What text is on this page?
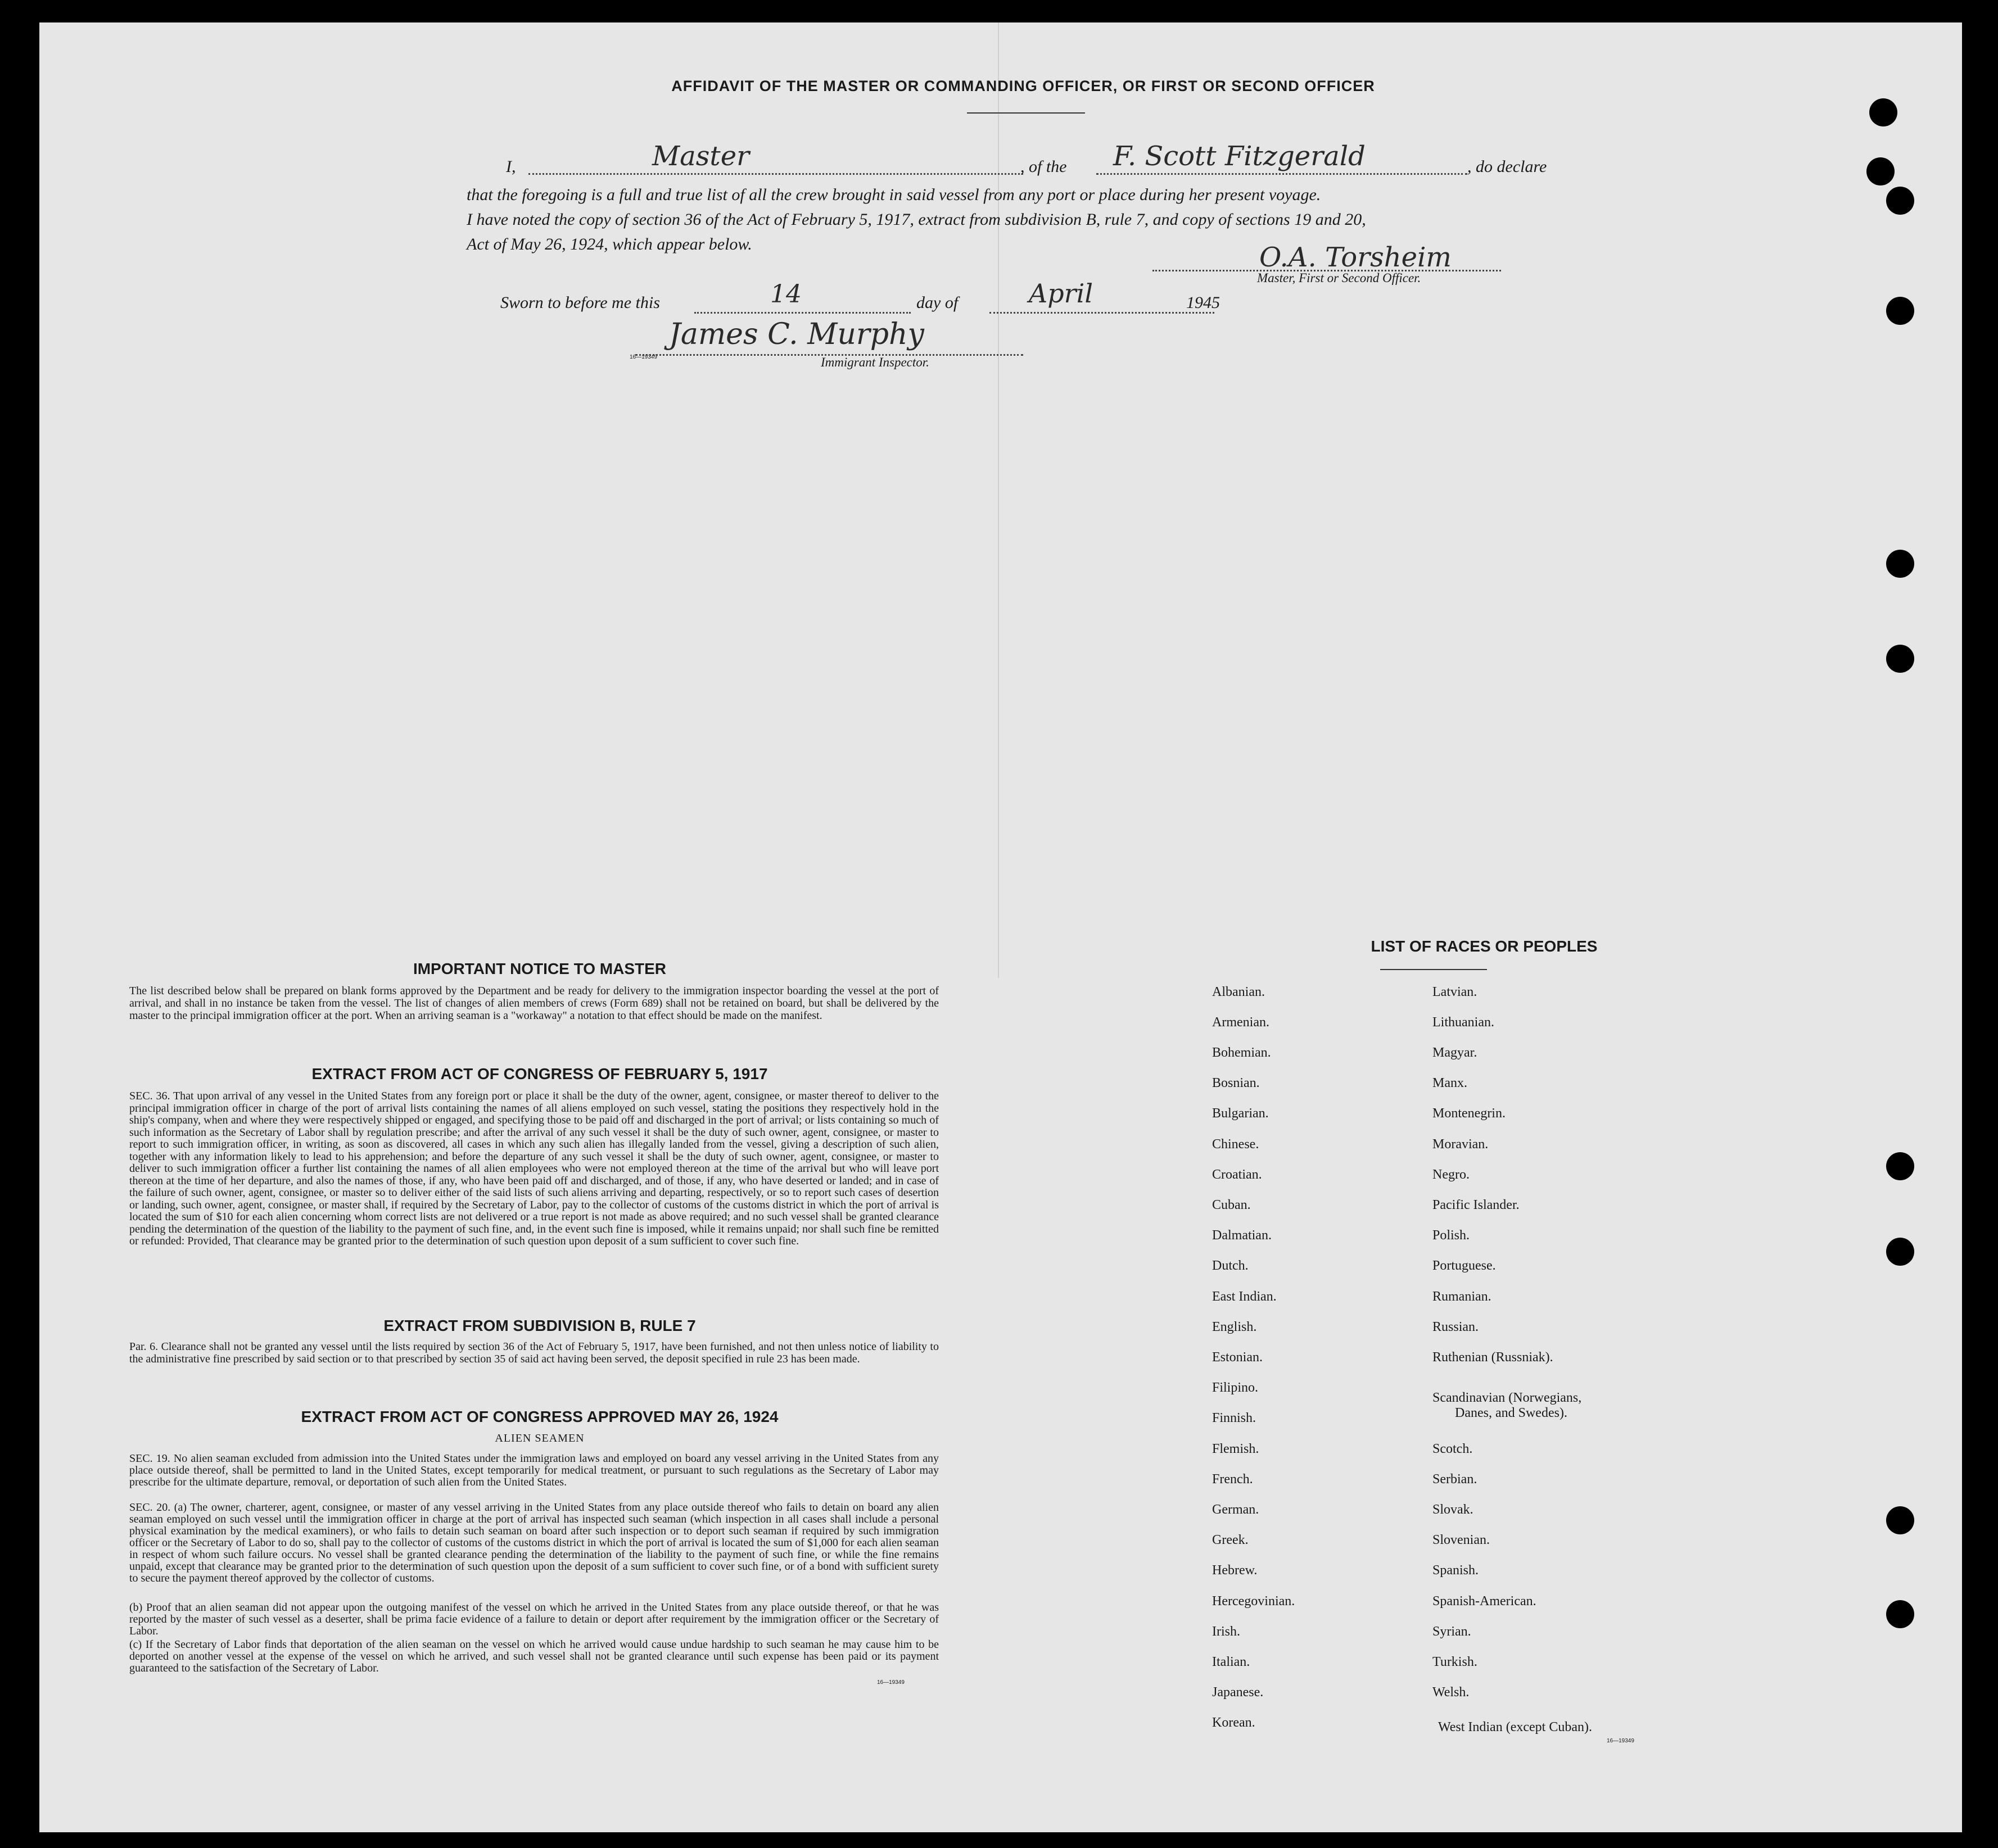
AFFIDAVIT OF THE MASTER OR COMMANDING OFFICER, OR FIRST OR SECOND OFFICER
I,	Master	, of the F. Scott Fitzgerald	, do declare
that the foregoing is a full and true list of all the crew brought in said vessel from any port or place during her present voyage.
I have noted the copy of section 36 of the Act of February 5, 1917, extract from subdivision B, rule 7, and copy of sections 19 and 20,
Act of May 26, 1924, which appear below.	O.A. Torsheim
Master, First or Second Officer.
Sworn to before me this	14	day of	April	1945
James C. Murphy
16—19349	Immigrant Inspector.
IMPORTANT NOTICE TO MASTER

The list described below shall be prepared on blank forms approved by the Department and be ready for delivery to the immigration inspector boarding the vessel at the port of arrival, and shall in no instance be taken from the vessel. The list of changes of alien members of crews (Form 689) shall not be retained on board, but shall be delivered by the master to the principal immigration officer at the port. When an arriving seaman is a "workaway" a notation to that effect should be made on the manifest.

EXTRACT FROM ACT OF CONGRESS OF FEBRUARY 5, 1917

SEC. 36. That upon arrival of any vessel in the United States from any foreign port or place it shall be the duty of the owner, agent, consignee, or master thereof to deliver to the principal immigration officer in charge of the port of arrival lists containing the names of all aliens employed on such vessel, stating the positions they respectively hold in the ship's company, when and where they were respectively shipped or engaged, and specifying those to be paid off and discharged in the port of arrival; or lists containing so much of such information as the Secretary of Labor shall by regulation prescribe; and after the arrival of any such vessel it shall be the duty of such owner, agent, consignee, or master to report to such immigration officer, in writing, as soon as discovered, all cases in which any such alien has illegally landed from the vessel, giving a description of such alien, together with any information likely to lead to his apprehension; and before the departure of any such vessel it shall be the duty of such owner, agent, consignee, or master to deliver to such immigration officer a further list containing the names of all alien employees who were not employed thereon at the time of the arrival but who will leave port thereon at the time of her departure, and also the names of those, if any, who have been paid off and discharged, and of those, if any, who have deserted or landed; and in case of the failure of such owner, agent, consignee, or master so to deliver either of the said lists of such aliens arriving and departing, respectively, or so to report such cases of desertion or landing, such owner, agent, consignee, or master shall, if required by the Secretary of Labor, pay to the collector of customs of the customs district in which the port of arrival is located the sum of $10 for each alien concerning whom correct lists are not delivered or a true report is not made as above required; and no such vessel shall be granted clearance pending the determination of the question of the liability to the payment of such fine, and, in the event such fine is imposed, while it remains unpaid; nor shall such fine be remitted or refunded: Provided, That clearance may be granted prior to the determination of such question upon deposit of a sum sufficient to cover such fine.

EXTRACT FROM SUBDIVISION B, RULE 7

Par. 6. Clearance shall not be granted any vessel until the lists required by section 36 of the Act of February 5, 1917, have been furnished, and not then unless notice of liability to the administrative fine prescribed by said section or to that prescribed by section 35 of said act having been served, the deposit specified in rule 23 has been made.

EXTRACT FROM ACT OF CONGRESS APPROVED MAY 26, 1924
ALIEN SEAMEN

SEC. 19. No alien seaman excluded from admission into the United States under the immigration laws and employed on board any vessel arriving in the United States from any place outside thereof, shall be permitted to land in the United States, except temporarily for medical treatment, or pursuant to such regulations as the Secretary of Labor may prescribe for the ultimate departure, removal, or deportation of such alien from the United States.

SEC. 20. (a) The owner, charterer, agent, consignee, or master of any vessel arriving in the United States from any place outside thereof who fails to detain on board any alien seaman employed on such vessel until the immigration officer in charge at the port of arrival has inspected such seaman (which inspection in all cases shall include a personal physical examination by the medical examiners), or who fails to detain such seaman on board after such inspection or to deport such seaman if required by such immigration officer or the Secretary of Labor to do so, shall pay to the collector of customs of the customs district in which the port of arrival is located the sum of $1,000 for each alien seaman in respect of whom such failure occurs. No vessel shall be granted clearance pending the determination of the liability to the payment of such fine, or while the fine remains unpaid, except that clearance may be granted prior to the determination of such question upon the deposit of a sum sufficient to cover such fine, or of a bond with sufficient surety to secure the payment thereof approved by the collector of customs.

(b) Proof that an alien seaman did not appear upon the outgoing manifest of the vessel on which he arrived in the United States from any place outside thereof, or that he was reported by the master of such vessel as a deserter, shall be prima facie evidence of a failure to detain or deport after requirement by the immigration officer or the Secretary of Labor.

(c) If the Secretary of Labor finds that deportation of the alien seaman on the vessel on which he arrived would cause undue hardship to such seaman he may cause him to be deported on another vessel at the expense of the vessel on which he arrived, and such vessel shall not be granted clearance until such expense has been paid or its payment guaranteed to the satisfaction of the Secretary of Labor.

16—19349
LIST OF RACES OR PEOPLES
Albanian.
Armenian.
Bohemian.
Bosnian.
Bulgarian.
Chinese.
Croatian.
Cuban.
Dalmatian.
Dutch.
East Indian.
English.
Estonian.
Filipino.
Finnish.
Flemish.
French.
German.
Greek.
Hebrew.
Hercegovinian.
Irish.
Italian.
Japanese.
Korean.
Latvian.
Lithuanian.
Magyar.
Manx.
Montenegrin.
Moravian.
Negro.
Pacific Islander.
Polish.
Portuguese.
Rumanian.
Russian.
Ruthenian (Russniak).
Scandinavian (Norwegians,
Danes, and Swedes).
Scotch.
Serbian.
Slovak.
Slovenian.
Spanish.
Spanish-American.
Syrian.
Turkish.
Welsh.
West Indian (except Cuban).
16—19349
